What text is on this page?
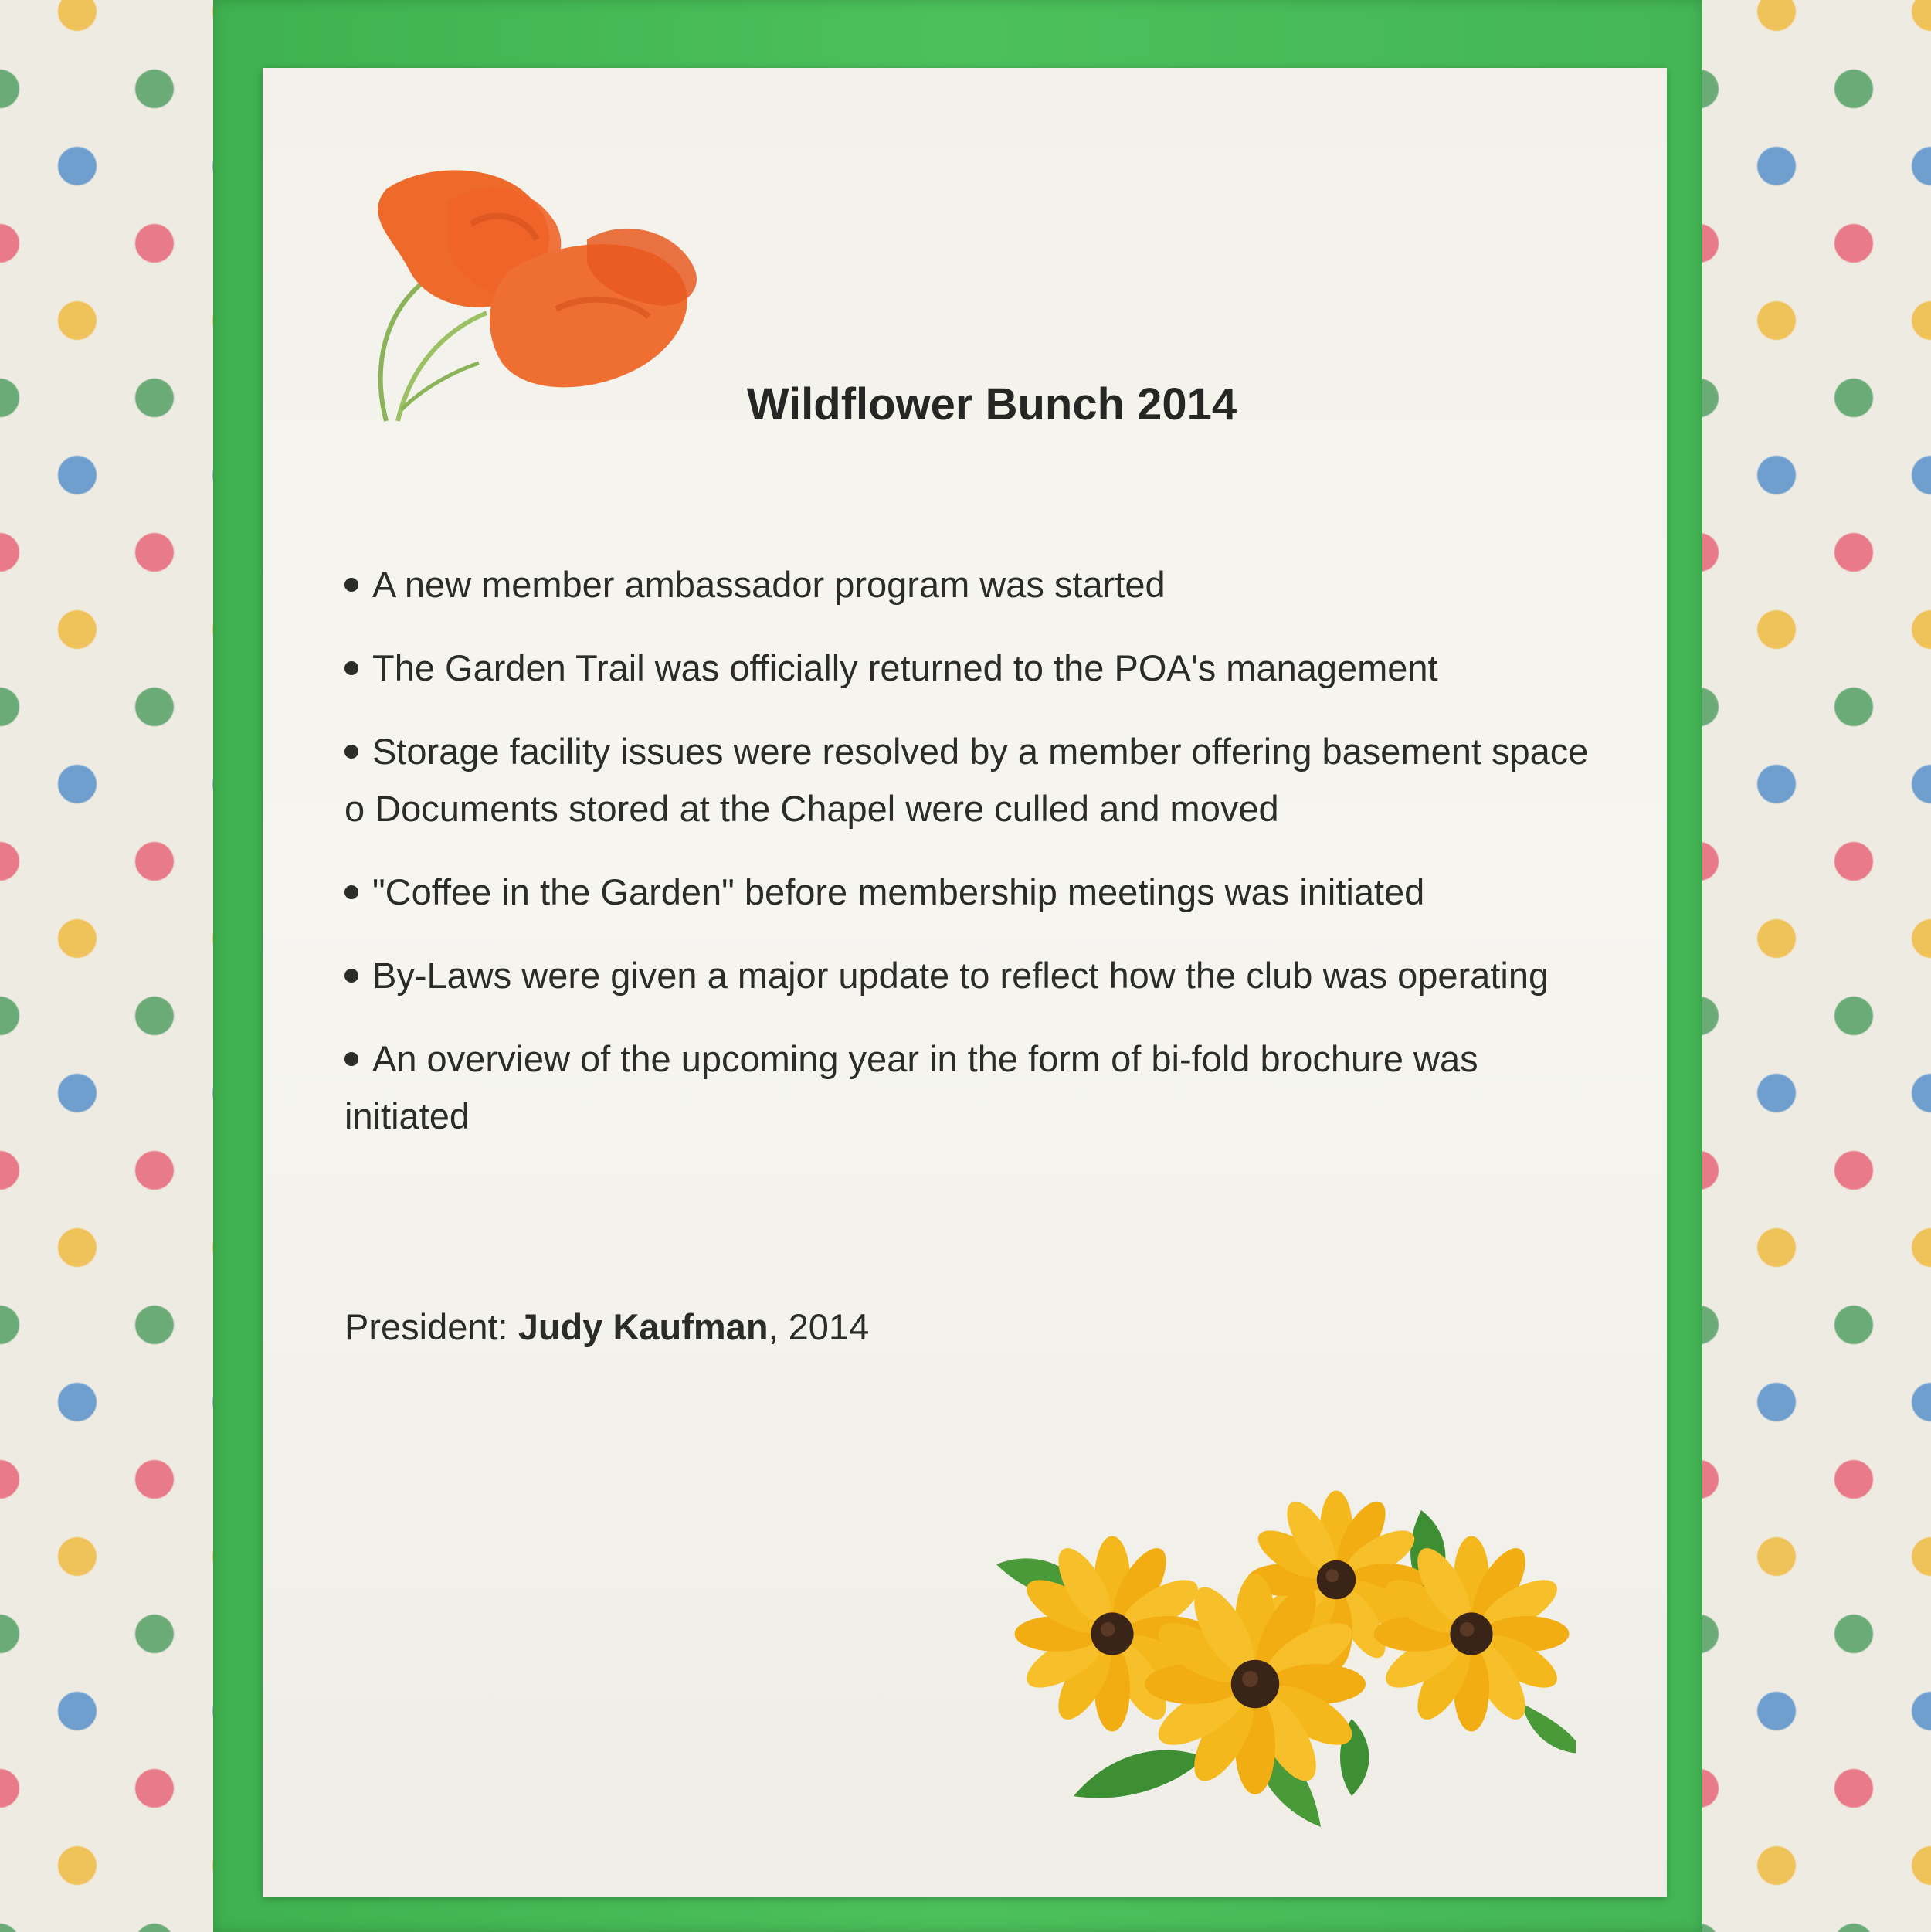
Wildflower Bunch 2014
A new member ambassador program was started
The Garden Trail was officially returned to the POA's management
Storage facility issues were resolved by a member offering basement space o Documents stored at the Chapel were culled and moved
"Coffee in the Garden" before membership meetings was initiated
By-Laws were given a major update to reflect how the club was operating
An overview of the upcoming year in the form of bi-fold brochure was initiated
President: Judy Kaufman, 2014
